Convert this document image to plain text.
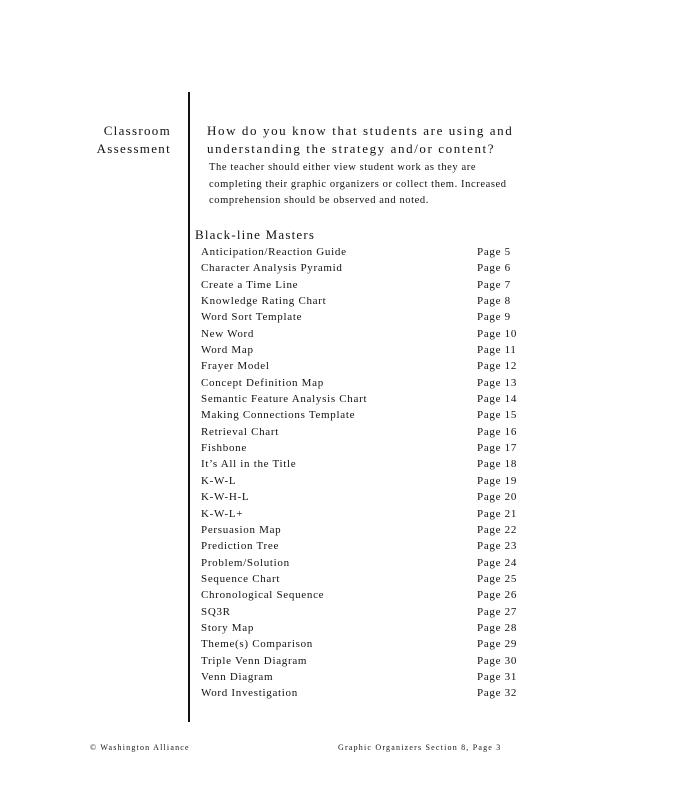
Classroom
Assessment
How do you know that students are using and
understanding the strategy and/or content?
The teacher should either view student work as they are
completing their graphic organizers or collect them. Increased
comprehension should be observed and noted.
Black-line Masters
Anticipation/Reaction Guide	Page 5
Character Analysis Pyramid	Page 6
Create a Time Line	Page 7
Knowledge Rating Chart	Page 8
Word Sort Template	Page 9
New Word	Page 10
Word Map	Page 11
Frayer Model	Page 12
Concept Definition Map	Page 13
Semantic Feature Analysis Chart	Page 14
Making Connections Template	Page 15
Retrieval Chart	Page 16
Fishbone	Page 17
It’s All in the Title	Page 18
K-W-L	Page 19
K-W-H-L	Page 20
K-W-L+	Page 21
Persuasion Map	Page 22
Prediction Tree	Page 23
Problem/Solution	Page 24
Sequence Chart	Page 25
Chronological Sequence	Page 26
SQ3R	Page 27
Story Map	Page 28
Theme(s) Comparison	Page 29
Triple Venn Diagram	Page 30
Venn Diagram	Page 31
Word Investigation	Page 32
© Washington Alliance	Graphic Organizers Section 8, Page 3
